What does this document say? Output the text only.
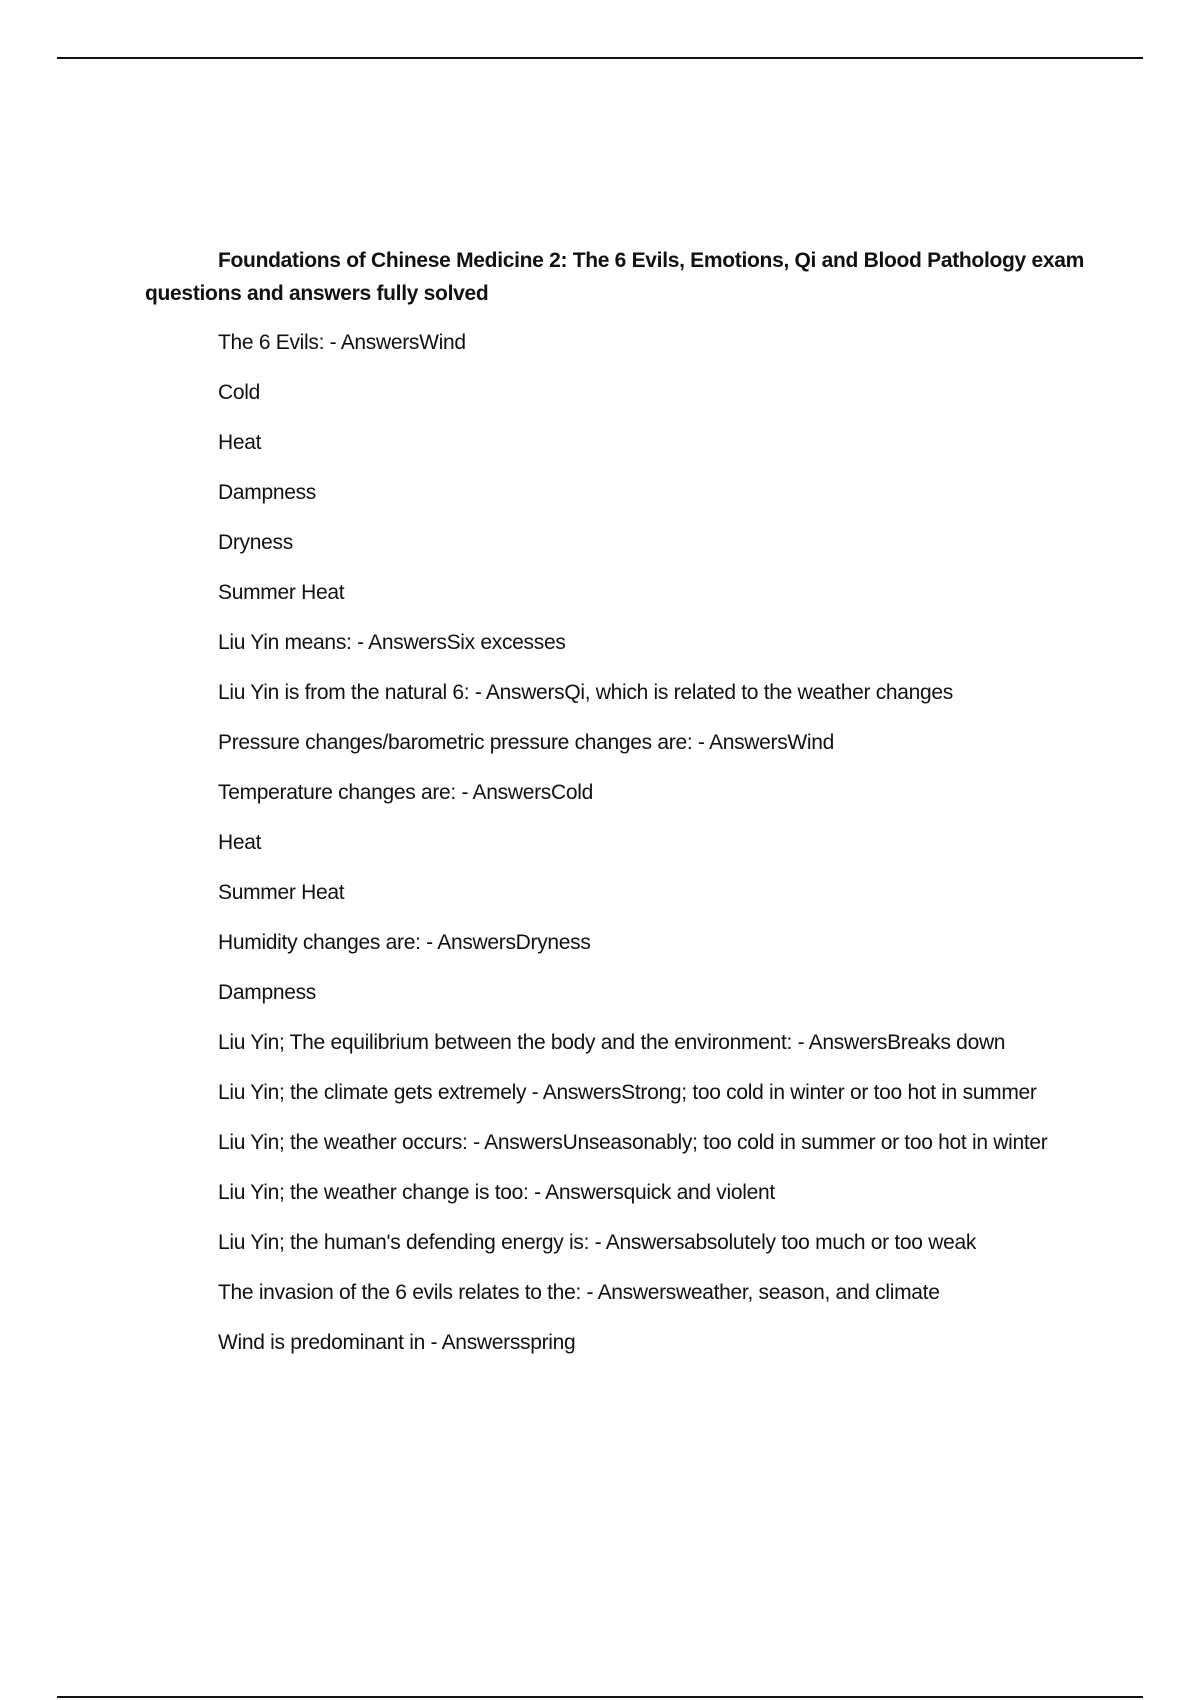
Foundations of Chinese Medicine 2: The 6 Evils, Emotions, Qi and Blood Pathology exam questions and answers fully solved
The 6 Evils: - AnswersWind
Cold
Heat
Dampness
Dryness
Summer Heat
Liu Yin means: - AnswersSix excesses
Liu Yin is from the natural 6: - AnswersQi, which is related to the weather changes
Pressure changes/barometric pressure changes are: - AnswersWind
Temperature changes are: - AnswersCold
Heat
Summer Heat
Humidity changes are: - AnswersDryness
Dampness
Liu Yin; The equilibrium between the body and the environment: - AnswersBreaks down
Liu Yin; the climate gets extremely - AnswersStrong; too cold in winter or too hot in summer
Liu Yin; the weather occurs: - AnswersUnseasonably; too cold in summer or too hot in winter
Liu Yin; the weather change is too: - Answersquick and violent
Liu Yin; the human's defending energy is: - Answersabsolutely too much or too weak
The invasion of the 6 evils relates to the: - Answersweather, season, and climate
Wind is predominant in - Answersspring
